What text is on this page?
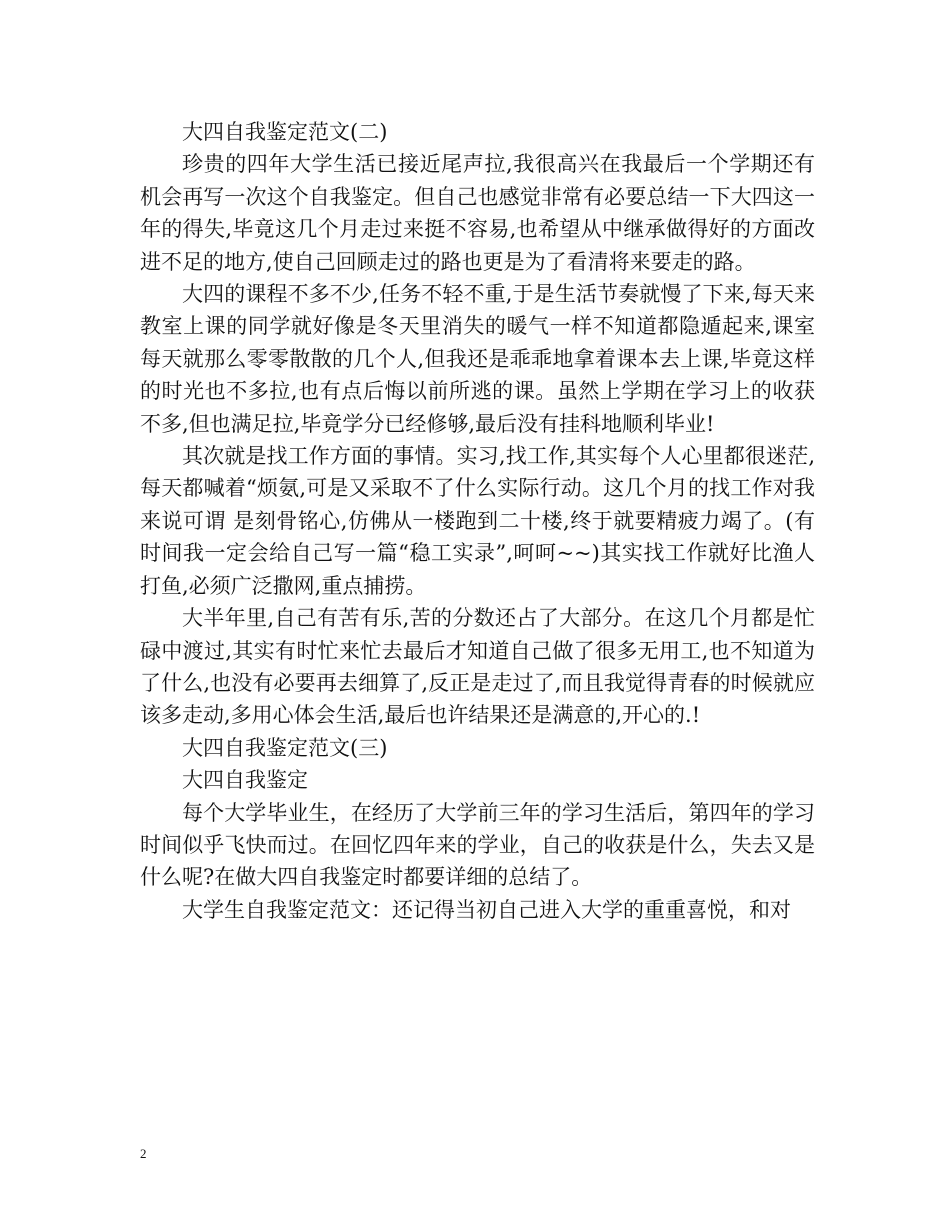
大四自我鉴定范文(二)

珍贵的四年大学生活已接近尾声拉,我很高兴在我最后一个学期还有机会再写一次这个自我鉴定。但自己也感觉非常有必要总结一下大四这一年的得失,毕竟这几个月走过来挺不容易,也希望从中继承做得好的方面改进不足的地方,使自己回顾走过的路也更是为了看清将来要走的路。

大四的课程不多不少,任务不轻不重,于是生活节奏就慢了下来,每天来教室上课的同学就好像是冬天里消失的暖气一样不知道都隐遁起来,课室每天就那么零零散散的几个人,但我还是乖乖地拿着课本去上课,毕竟这样的时光也不多拉,也有点后悔以前所逃的课。虽然上学期在学习上的收获不多,但也满足拉,毕竟学分已经修够,最后没有挂科地顺利毕业!

其次就是找工作方面的事情。实习,找工作,其实每个人心里都很迷茫,每天都喊着“烦氨,可是又采取不了什么实际行动。这几个月的找工作对我来说可谓 是刻骨铭心,仿佛从一楼跑到二十楼,终于就要精疲力竭了。(有时间我一定会给自己写一篇“稳工实录”,呵呵~~)其实找工作就好比渔人打鱼,必须广泛撒网,重点捕捞。

大半年里,自己有苦有乐,苦的分数还占了大部分。在这几个月都是忙碌中渡过,其实有时忙来忙去最后才知道自己做了很多无用工,也不知道为了什么,也没有必要再去细算了,反正是走过了,而且我觉得青春的时候就应该多走动,多用心体会生活,最后也许结果还是满意的,开心的.!

大四自我鉴定范文(三)

大四自我鉴定

每个大学毕业生，在经历了大学前三年的学习生活后，第四年的学习时间似乎飞快而过。在回忆四年来的学业，自己的收获是什么，失去又是什么呢?在做大四自我鉴定时都要详细的总结了。

大学生自我鉴定范文：还记得当初自己进入大学的重重喜悦，和对

2
